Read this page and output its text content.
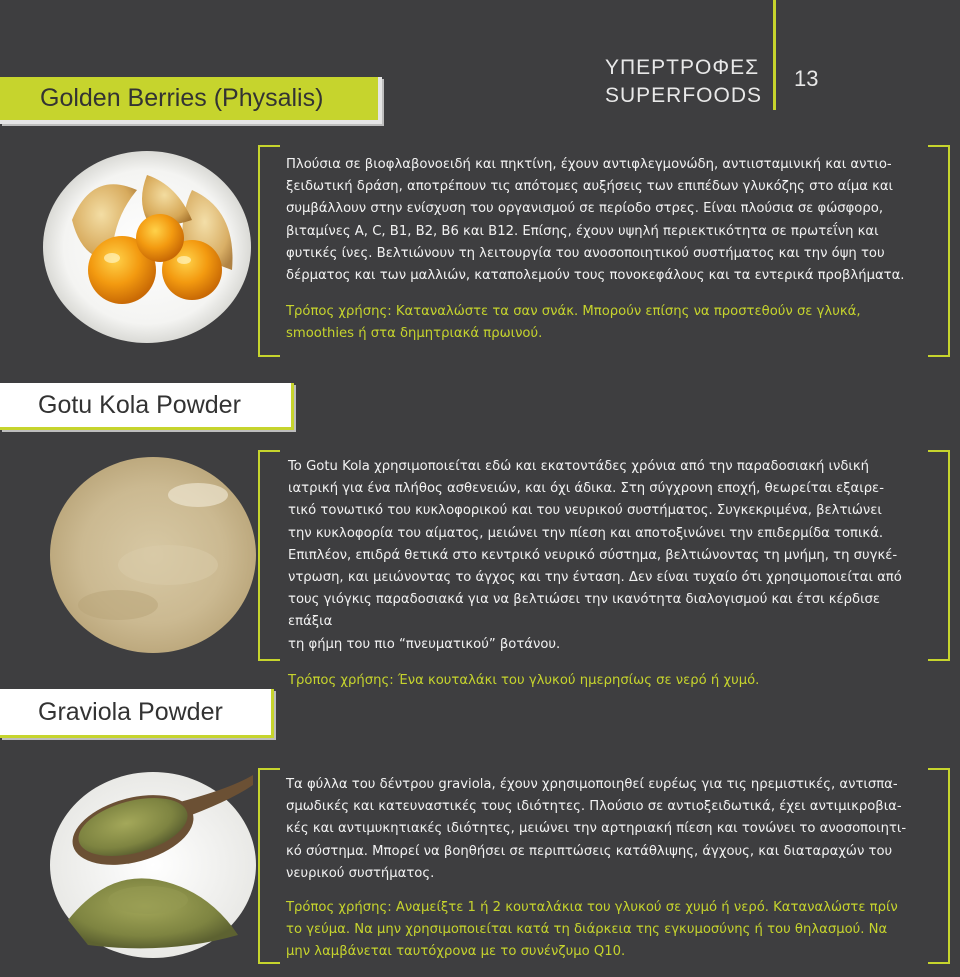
ΥΠΕΡΤΡΟΦΕΣ
SUPERFOODS
13
Golden Berries (Physalis)

Πλούσια σε βιοφλαβονοειδή και πηκτίνη, έχουν αντιφλεγμονώδη, αντιισταμινική και αντιο-

ξειδωτική δράση, αποτρέπουν τις απότομες αυξήσεις των επιπέδων γλυκόζης στο αίμα και

συμβάλλουν στην ενίσχυση του οργανισμού σε περίοδο στρες. Είναι πλούσια σε φώσφορο,

βιταμίνες Α, C, Β1, Β2, Β6 και Β12. Επίσης, έχουν υψηλή περιεκτικότητα σε πρωτεΐνη και

φυτικές ίνες. Βελτιώνουν τη λειτουργία του ανοσοποιητικού συστήματος και την όψη του

δέρματος και των μαλλιών, καταπολεμούν τους πονοκεφάλους και τα εντερικά προβλήματα.

Τρόπος χρήσης: Καταναλώστε τα σαν σνάκ. Μπορούν επίσης να προστεθούν σε γλυκά,

smoothies ή στα δημητριακά πρωινού.

Gotu Kola Powder

To Gotu Kola χρησιμοποιείται εδώ και εκατοντάδες χρόνια από την παραδοσιακή ινδική

ιατρική για ένα πλήθος ασθενειών, και όχι άδικα. Στη σύγχρονη εποχή, θεωρείται εξαιρε-

τικό τονωτικό του κυκλοφορικού και του νευρικού συστήματος. Συγκεκριμένα, βελτιώνει

την κυκλοφορία του αίματος, μειώνει την πίεση και αποτοξινώνει την επιδερμίδα τοπικά.

Επιπλέον, επιδρά θετικά στο κεντρικό νευρικό σύστημα, βελτιώνοντας τη μνήμη, τη συγκέ-

ντρωση, και μειώνοντας το άγχος και την ένταση. Δεν είναι τυχαίο ότι χρησιμοποιείται από

τους γιόγκις παραδοσιακά για να βελτιώσει την ικανότητα διαλογισμού και έτσι κέρδισε επάξια

τη φήμη του πιο “πνευματικού” βοτάνου.

Τρόπος χρήσης: Ένα κουταλάκι του γλυκού ημερησίως σε νερό ή χυμό.

Graviola Powder

Τα φύλλα του δέντρου graviola, έχουν χρησιμοποιηθεί ευρέως για τις ηρεμιστικές, αντισπα-

σμωδικές και κατευναστικές τους ιδιότητες. Πλούσιο σε αντιοξειδωτικά, έχει αντιμικροβια-

κές και αντιμυκητιακές ιδιότητες, μειώνει την αρτηριακή πίεση και τονώνει το ανοσοποιητι-

κό σύστημα. Μπορεί να βοηθήσει σε περιπτώσεις κατάθλιψης, άγχους, και διαταραχών του

νευρικού συστήματος.

Τρόπος χρήσης: Αναμείξτε 1 ή 2 κουταλάκια του γλυκού σε χυμό ή νερό. Καταναλώστε πρίν

το γεύμα. Να μην χρησιμοποιείται κατά τη διάρκεια της εγκυμοσύνης ή του θηλασμού. Να

μην λαμβάνεται ταυτόχρονα με το συνένζυμο Q10.
